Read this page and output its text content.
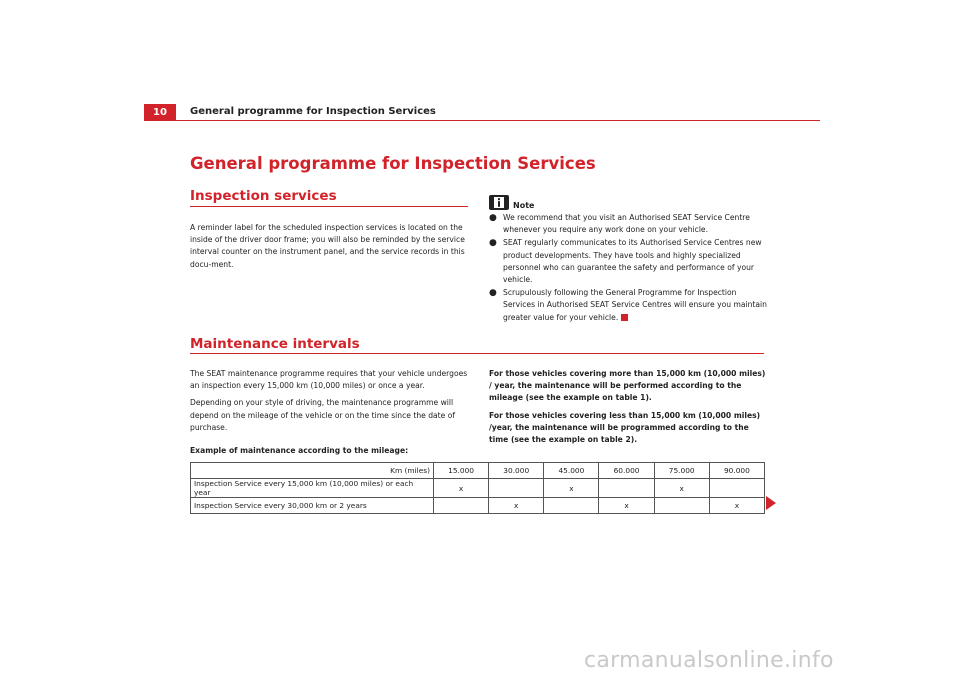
10	General programme for Inspection Services
General programme for Inspection Services
Inspection services
A reminder label for the scheduled inspection services is located on the inside of the driver door frame; you will also be reminded by the service interval counter on the instrument panel, and the service records in this docu-ment.
Note
● We recommend that you visit an Authorised SEAT Service Centre whenever you require any work done on your vehicle.
● SEAT regularly communicates to its Authorised Service Centres new product developments. They have tools and highly specialized personnel who can guarantee the safety and performance of your vehicle.
● Scrupulously following the General Programme for Inspection Services in Authorised SEAT Service Centres will ensure you maintain greater value for your vehicle.
Maintenance intervals

The SEAT maintenance programme requires that your vehicle undergoes an inspection every 15,000 km (10,000 miles) or once a year.

Depending on your style of driving, the maintenance programme will depend on the mileage of the vehicle or on the time since the date of purchase.

For those vehicles covering more than 15,000 km (10,000 miles) / year, the maintenance will be performed according to the mileage (see the example on table 1).

For those vehicles covering less than 15,000 km (10,000 miles) /year, the maintenance will be programmed according to the time (see the example on table 2).

Example of maintenance according to the mileage:
Km (miles)	15.000	30.000	45.000	60.000	75.000	90.000
Inspection Service every 15,000 km (10,000 miles) or each year	x		x		x	
Inspection Service every 30,000 km or 2 years		x		x		x
carmanualsonline.info
